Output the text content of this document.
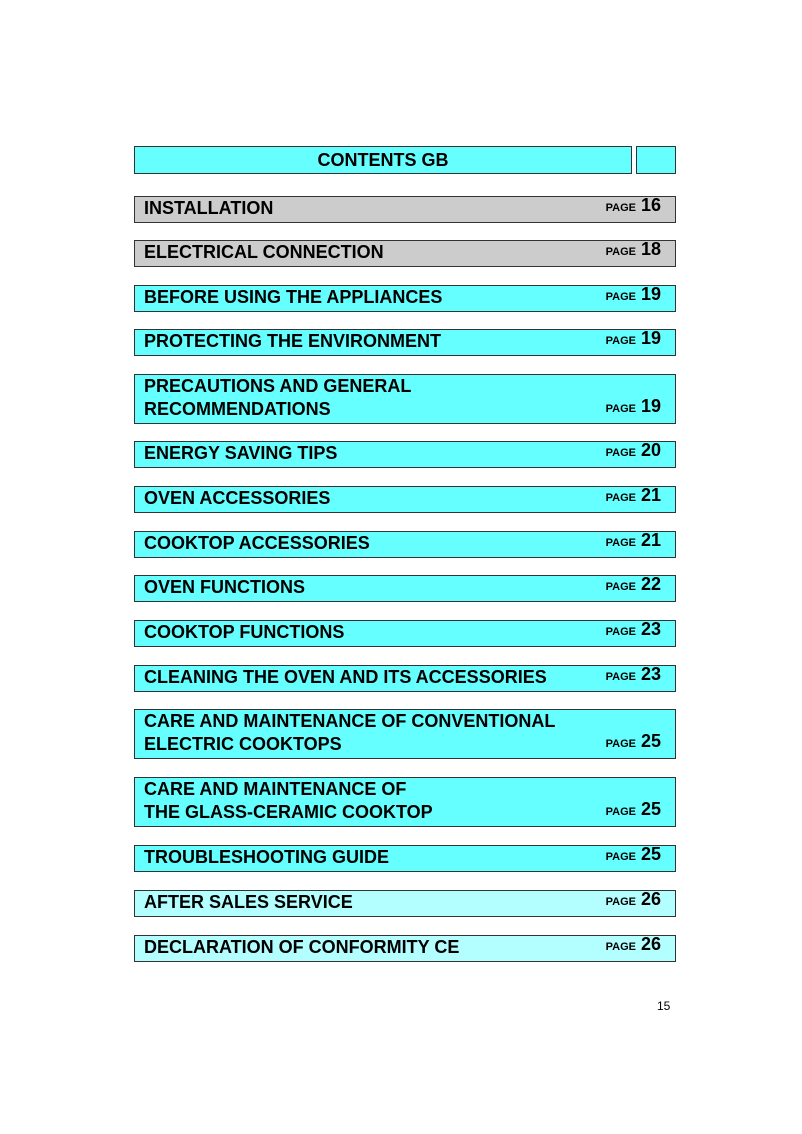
CONTENTS GB
INSTALLATION	PAGE 16
ELECTRICAL CONNECTION	PAGE 18
BEFORE USING THE APPLIANCES	PAGE 19
PROTECTING THE ENVIRONMENT	PAGE 19
PRECAUTIONS AND GENERAL
RECOMMENDATIONS	PAGE 19
ENERGY SAVING TIPS	PAGE 20
OVEN ACCESSORIES	PAGE 21
COOKTOP ACCESSORIES	PAGE 21
OVEN FUNCTIONS	PAGE 22
COOKTOP FUNCTIONS	PAGE 23
CLEANING THE OVEN AND ITS ACCESSORIES	PAGE 23
CARE AND MAINTENANCE OF CONVENTIONAL
ELECTRIC COOKTOPS	PAGE 25
CARE AND MAINTENANCE OF
THE GLASS-CERAMIC COOKTOP	PAGE 25
TROUBLESHOOTING GUIDE	PAGE 25
AFTER SALES SERVICE	PAGE 26
DECLARATION OF CONFORMITY CE	PAGE 26
15
